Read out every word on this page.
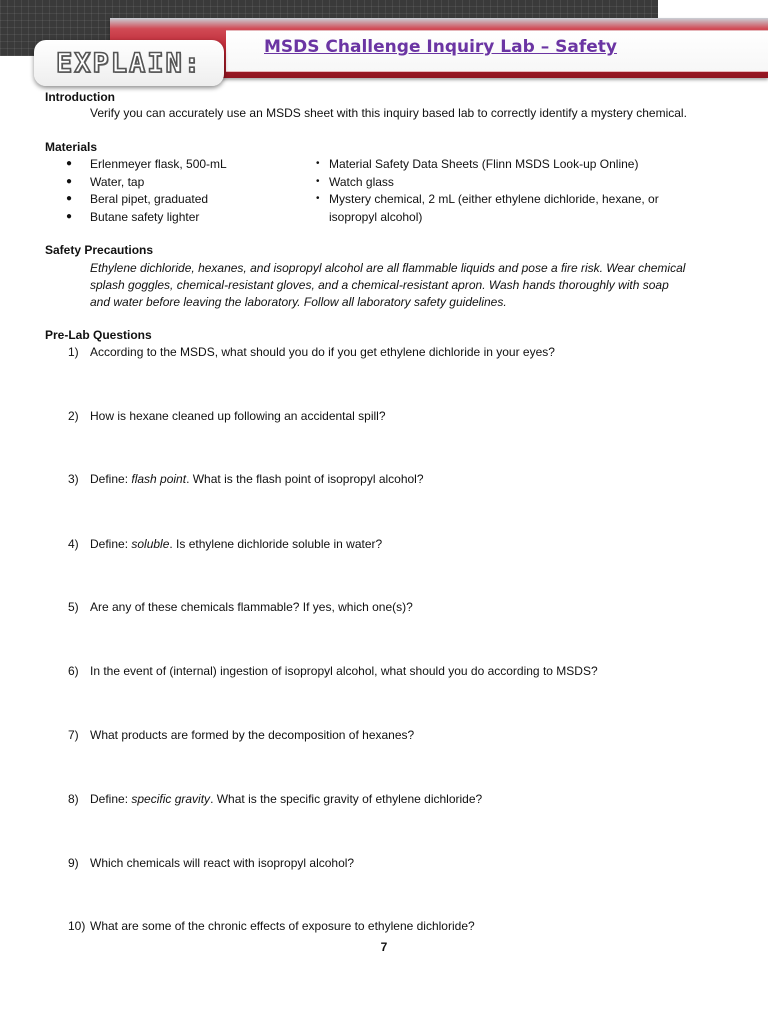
EXPLAIN:
MSDS Challenge Inquiry Lab – Safety
Introduction
Verify you can accurately use an MSDS sheet with this inquiry based lab to correctly identify a mystery chemical.
Materials
● Erlenmeyer flask, 500-mL
● Water, tap
● Beral pipet, graduated
● Butane safety lighter
• Material Safety Data Sheets (Flinn MSDS Look-up Online)
• Watch glass
• Mystery chemical, 2 mL (either ethylene dichloride, hexane, or
isopropyl alcohol)
Safety Precautions
Ethylene dichloride, hexanes, and isopropyl alcohol are all flammable liquids and pose a fire risk. Wear chemical
splash goggles, chemical-resistant gloves, and a chemical-resistant apron. Wash hands thoroughly with soap
and water before leaving the laboratory. Follow all laboratory safety guidelines.
Pre-Lab Questions
1) According to the MSDS, what should you do if you get ethylene dichloride in your eyes?
2) How is hexane cleaned up following an accidental spill?
3) Define: flash point. What is the flash point of isopropyl alcohol?
4) Define: soluble. Is ethylene dichloride soluble in water?
5) Are any of these chemicals flammable? If yes, which one(s)?
6) In the event of (internal) ingestion of isopropyl alcohol, what should you do according to MSDS?
7) What products are formed by the decomposition of hexanes?
8) Define: specific gravity. What is the specific gravity of ethylene dichloride?
9) Which chemicals will react with isopropyl alcohol?
10) What are some of the chronic effects of exposure to ethylene dichloride?
7
